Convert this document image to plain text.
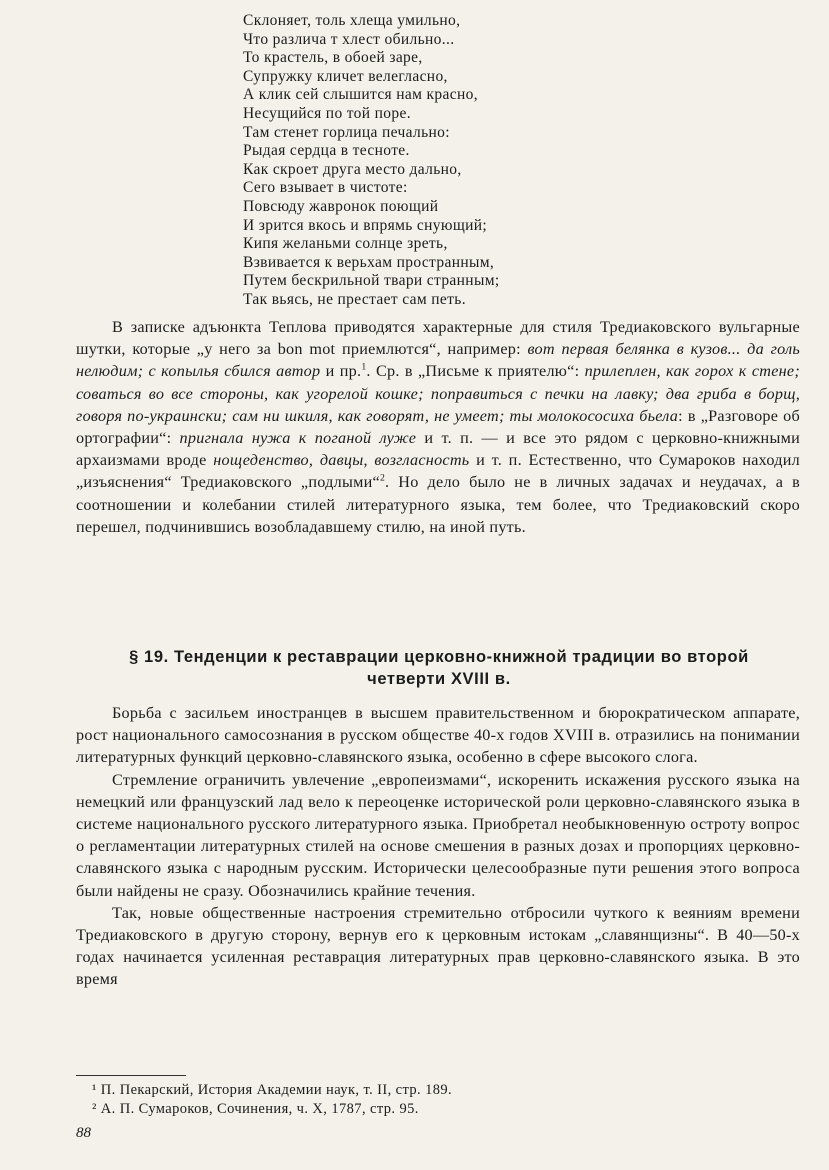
Склоняет, толь хлеща умильно,
Что различа т хлест обильно...
То крастель, в обоей заре,
Супружку кличет велегласно,
А клик сей слышится нам красно,
Несущийся по той поре.
Там стенет горлица печально:
Рыдая сердца в тесноте.
Как скроет друга место дально,
Сего взывает в чистоте:
Повсюду жавронок поющий
И зрится вкось и впрямь снующий;
Кипя желаньми солнце зреть,
Взвивается к верьхам пространным,
Путем бескрильной твари странным;
Так вьясь, не престает сам петь.

В записке адъюнкта Теплова приводятся характерные для стиля Тредиаковского вульгарные шутки, которые „у него за bon mot приемлются“, например: вот первая белянка в кузов... да голь нелюдим; с копылья сбился автор и пр.$^1$. Ср. в „Письме к приятелю“: прилеплен, как горох к стене; соваться во все стороны, как угорелой кошке; поправиться с печки на лавку; два гриба в борщ, говоря по-украински; сам ни шкиля, как говорят, не умеет; ты молокососиха бьела: в „Разговоре об ортографии“: пригнала нужа к поганой луже и т. п. — и все это рядом с церковно-книжными архаизмами вроде нощеденство, давцы, возгласность и т. п. Естественно, что Сумароков находил „изъяснения“ Тредиаковского „подлыми“$^2$. Но дело было не в личных задачах и неудачах, а в соотношении и колебании стилей литературного языка, тем более, что Тредиаковский скоро перешел, подчинившись возобладавшему стилю, на иной путь.

§ 19. Тенденции к реставрации церковно-книжной традиции во второй четверти XVIII в.

Борьба с засильем иностранцев в высшем правительственном и бюрократическом аппарате, рост национального самосознания в русском обществе 40-х годов XVIII в. отразились на понимании литературных функций церковно-славянского языка, особенно в сфере высокого слога.

Стремление ограничить увлечение „европеизмами“, искоренить искажения русского языка на немецкий или французский лад вело к переоценке исторической роли церковно-славянского языка в системе национального русского литературного языка. Приобретал необыкновенную остроту вопрос о регламентации литературных стилей на основе смешения в разных дозах и пропорциях церковно-славянского языка с народным русским. Исторически целесообразные пути решения этого вопроса были найдены не сразу. Обозначились крайние течения.

Так, новые общественные настроения стремительно отбросили чуткого к веяниям времени Тредиаковского в другую сторону, вернув его к церковным истокам „славянщизны“. В 40—50-х годах начинается усиленная реставрация литературных прав церковно-славянского языка. В это время

¹ П. Пекарский, История Академии наук, т. II, стр. 189.
² А. П. Сумароков, Сочинения, ч. X, 1787, стр. 95.
88
